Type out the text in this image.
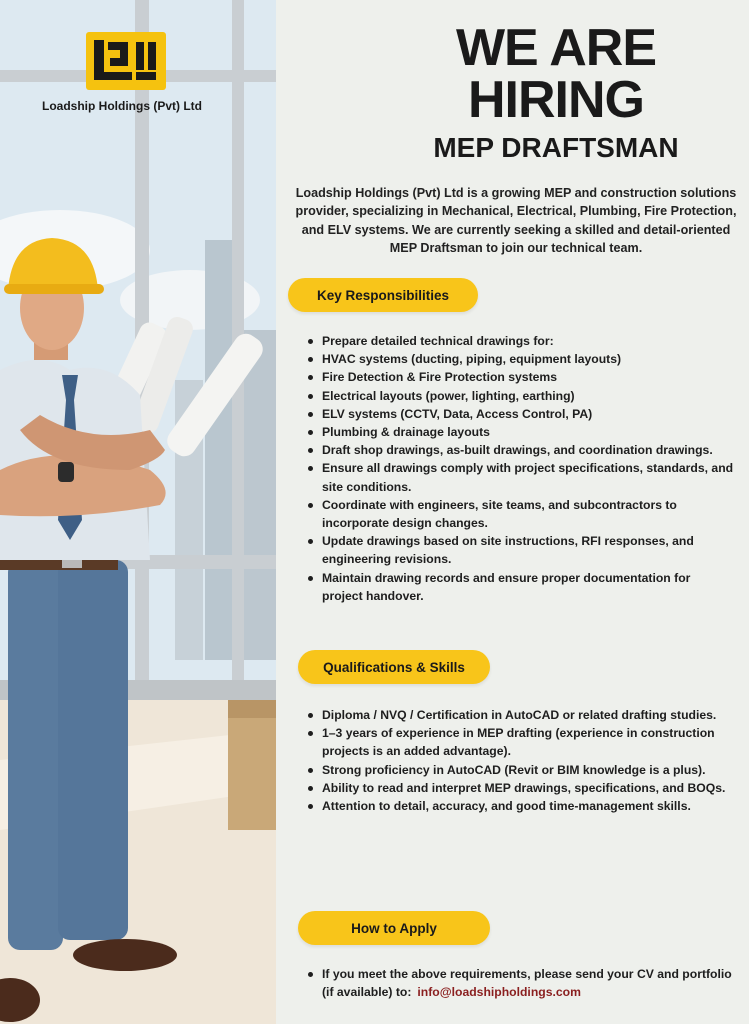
Loadship Holdings (Pvt) Ltd
WE ARE
HIRING
MEP DRAFTSMAN

Loadship Holdings (Pvt) Ltd is a growing MEP and construction solutions provider, specializing in Mechanical, Electrical, Plumbing, Fire Protection, and ELV systems. We are currently seeking a skilled and detail-oriented MEP Draftsman to join our technical team.

Key Responsibilities
Prepare detailed technical drawings for:
HVAC systems (ducting, piping, equipment layouts)
Fire Detection & Fire Protection systems
Electrical layouts (power, lighting, earthing)
ELV systems (CCTV, Data, Access Control, PA)
Plumbing & drainage layouts
Draft shop drawings, as-built drawings, and coordination drawings.
Ensure all drawings comply with project specifications, standards, and site conditions.
Coordinate with engineers, site teams, and subcontractors to incorporate design changes.
Update drawings based on site instructions, RFI responses, and engineering revisions.
Maintain drawing records and ensure proper documentation for project handover.
Qualifications & Skills
Diploma / NVQ / Certification in AutoCAD or related drafting studies.
1–3 years of experience in MEP drafting (experience in construction projects is an added advantage).
Strong proficiency in AutoCAD (Revit or BIM knowledge is a plus).
Ability to read and interpret MEP drawings, specifications, and BOQs.
Attention to detail, accuracy, and good time-management skills.
How to Apply
If you meet the above requirements, please send your CV and portfolio (if available) to: info@loadshipholdings.com
